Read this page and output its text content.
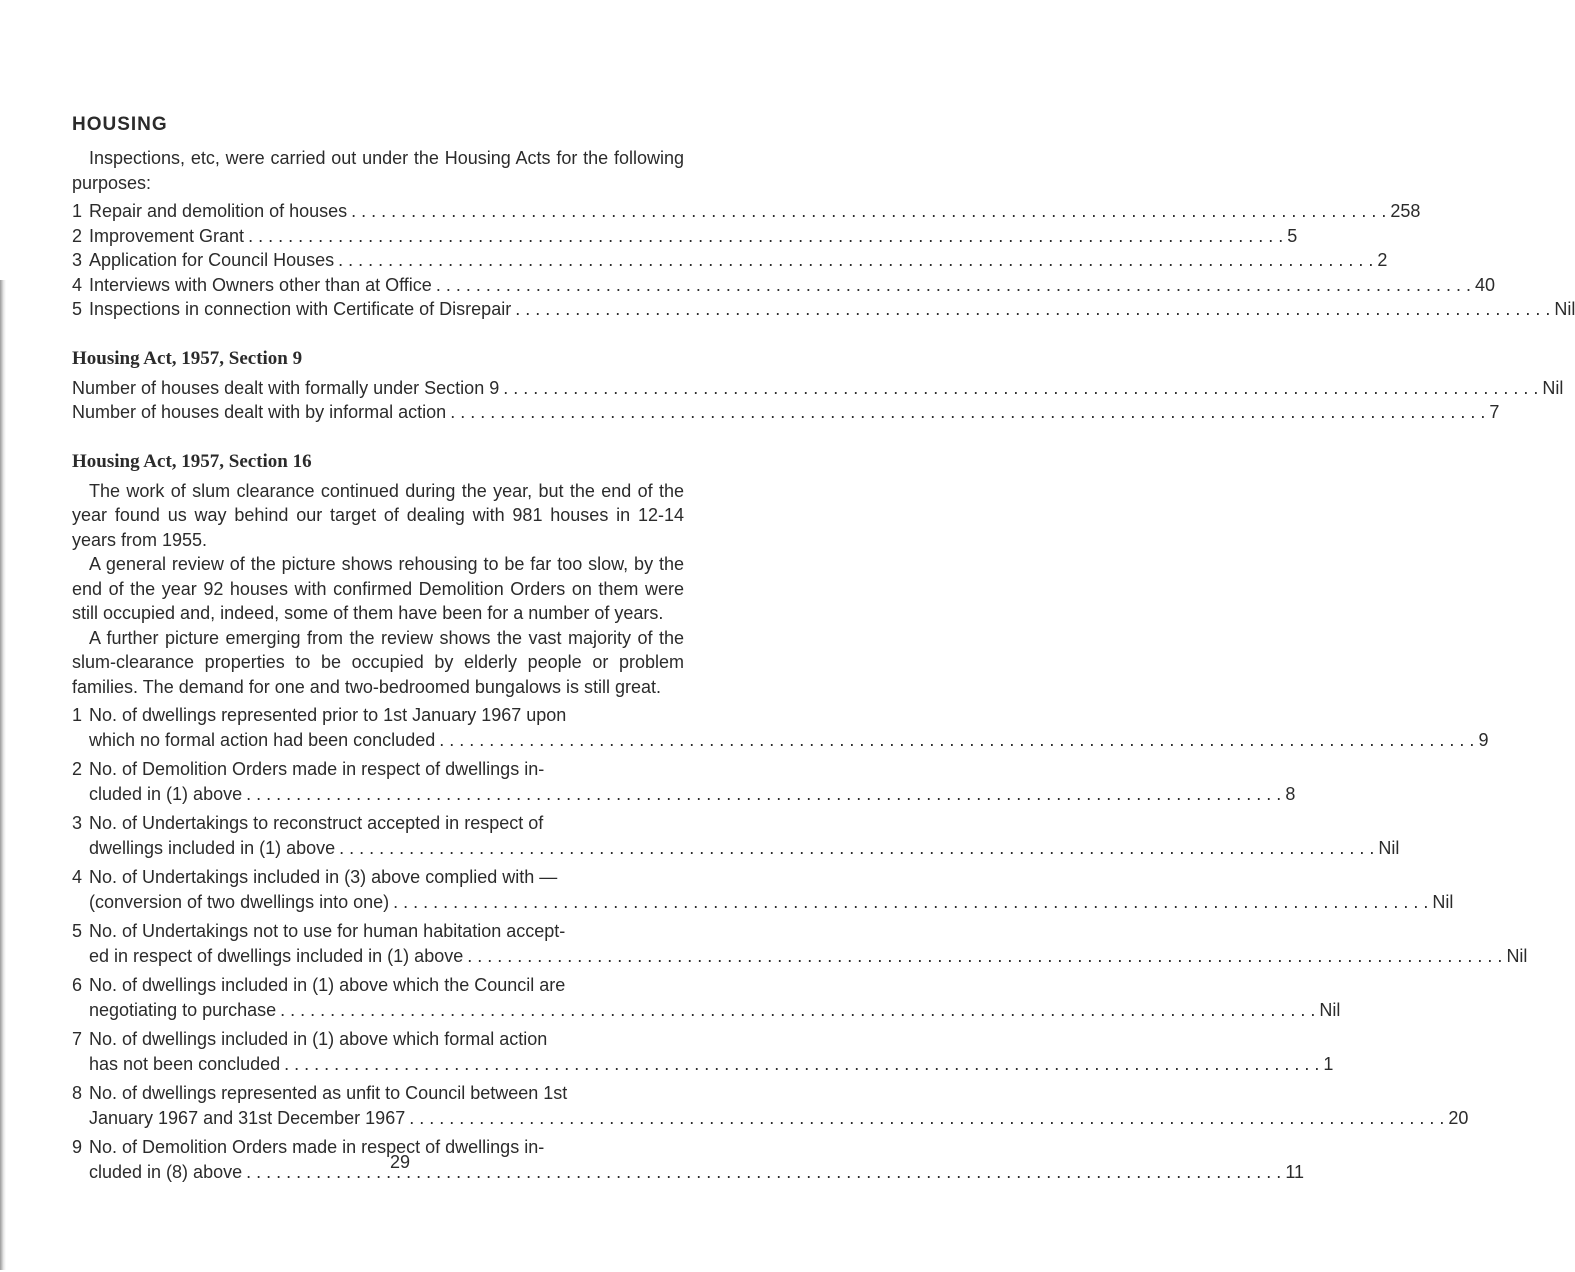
HOUSING

Inspections, etc, were carried out under the Housing Acts for the following purposes:

1 Repair and demolition of houses . . .	258
2 Improvement Grant . . .	5
3 Application for Council Houses . . .	2
4 Interviews with Owners other than at Office . . .	40
5 Inspections in connection with Certificate of Disrepair . . .	Nil
Housing Act, 1957, Section 9
Number of houses dealt with formally under Section 9 . . .	Nil
Number of houses dealt with by informal action . . .	7
Housing Act, 1957, Section 16

The work of slum clearance continued during the year, but the end of the year found us way behind our target of dealing with 981 houses in 12-14 years from 1955.

A general review of the picture shows rehousing to be far too slow, by the end of the year 92 houses with confirmed Demolition Orders on them were still occupied and, indeed, some of them have been for a number of years.

A further picture emerging from the review shows the vast majority of the slum-clearance properties to be occupied by elderly people or problem families. The demand for one and two-bedroomed bungalows is still great.

1 No. of dwellings represented prior to 1st January 1967 upon
which no formal action had been concluded . . .	9
2 No. of Demolition Orders made in respect of dwellings in-
cluded in (1) above . . .	8
3 No. of Undertakings to reconstruct accepted in respect of
dwellings included in (1) above . . .	Nil
4 No. of Undertakings included in (3) above complied with —
(conversion of two dwellings into one) . . .	Nil
5 No. of Undertakings not to use for human habitation accept-
ed in respect of dwellings included in (1) above . . .	Nil
6 No. of dwellings included in (1) above which the Council are
negotiating to purchase . . .	Nil
7 No. of dwellings included in (1) above which formal action
has not been concluded . . .	1
8 No. of dwellings represented as unfit to Council between 1st
January 1967 and 31st December 1967 . . .	20
9 No. of Demolition Orders made in respect of dwellings in-
cluded in (8) above . . .	11
29
